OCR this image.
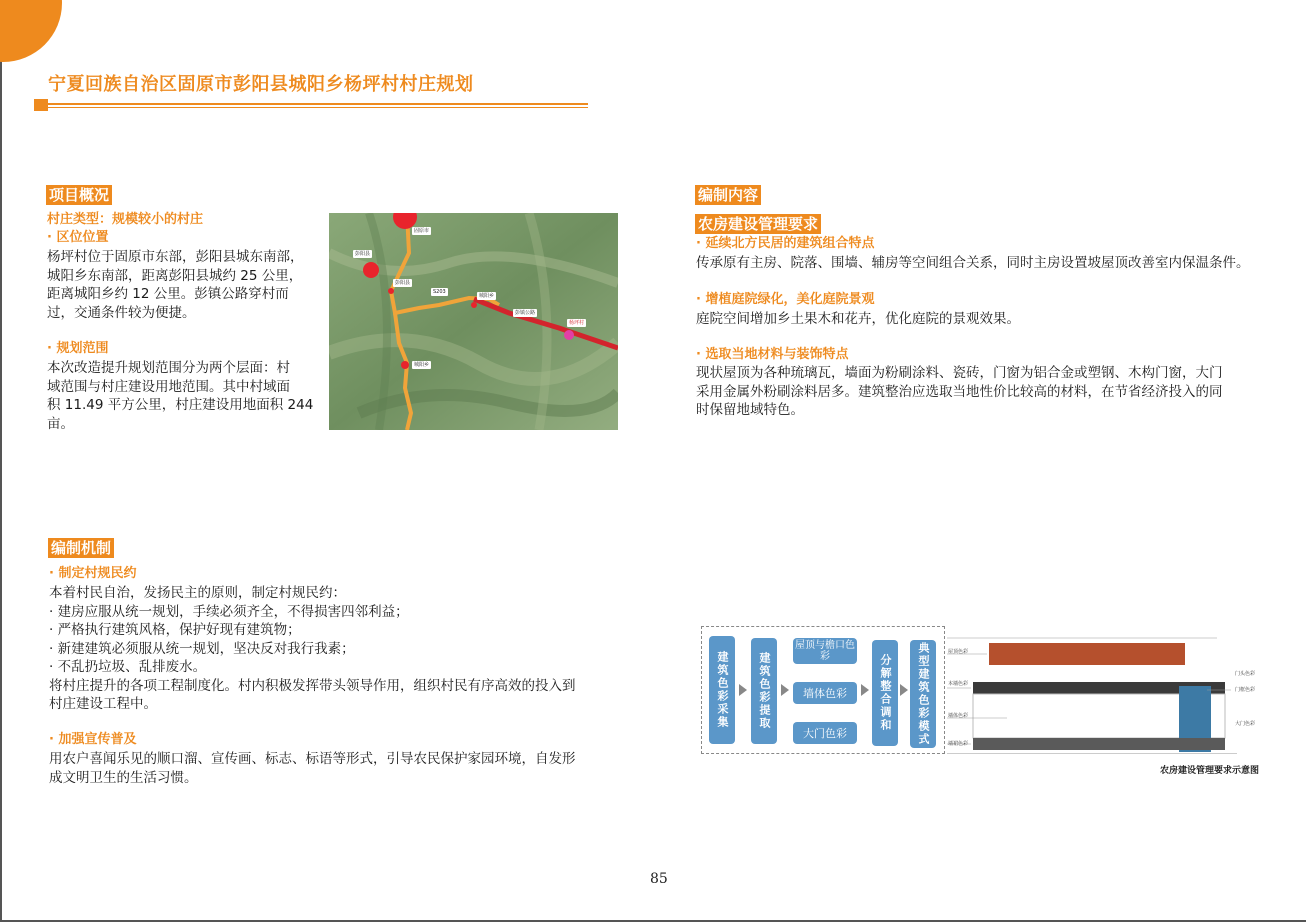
宁夏回族自治区固原市彭阳县城阳乡杨坪村村庄规划
项目概况
村庄类型：规模较小的村庄
· 区位位置

杨坪村位于固原市东部，彭阳县城东南部，

城阳乡东南部，距离彭阳县城约 25 公里，

距离城阳乡约 12 公里。彭镇公路穿村而

过，交通条件较为便捷。

· 规划范围

本次改造提升规划范围分为两个层面：村

域范围与村庄建设用地范围。其中村域面

积 11.49 平方公里，村庄建设用地面积 244

亩。

固原市
彭阳县
彭阳县
S203
城阳乡
彭镇公路
杨坪村
城阳乡
编制机制
· 制定村规民约

本着村民自治，发扬民主的原则，制定村规民约：

· 建房应服从统一规划，手续必须齐全，不得损害四邻利益；

· 严格执行建筑风格，保护好现有建筑物；

· 新建建筑必须服从统一规划，坚决反对我行我素；

· 不乱扔垃圾、乱排废水。

将村庄提升的各项工程制度化。村内积极发挥带头领导作用，组织村民有序高效的投入到

村庄建设工程中。

· 加强宣传普及

用农户喜闻乐见的顺口溜、宣传画、标志、标语等形式，引导农民保护家园环境，自发形

成文明卫生的生活习惯。

编制内容
农房建设管理要求
· 延续北方民居的建筑组合特点

传承原有主房、院落、围墙、辅房等空间组合关系，同时主房设置坡屋顶改善室内保温条件。

· 增植庭院绿化，美化庭院景观

庭院空间增加乡土果木和花卉，优化庭院的景观效果。

· 选取当地材料与装饰特点

现状屋顶为各种琉璃瓦，墙面为粉刷涂料、瓷砖，门窗为铝合金或塑钢、木构门窗，大门

采用金属外粉刷涂料居多。建筑整治应选取当地性价比较高的材料，在节省经济投入的同

时保留地域特色。

建筑色彩采集	建筑色彩提取
屋顶与檐口色彩
墙体色彩
大门色彩
分解整合调和	典型建筑色彩模式	屋顶色彩
门头色彩
本墙色彩
门框色彩
墙体色彩
大门色彩
墙裙色彩
农房建设管理要求示意图
85
